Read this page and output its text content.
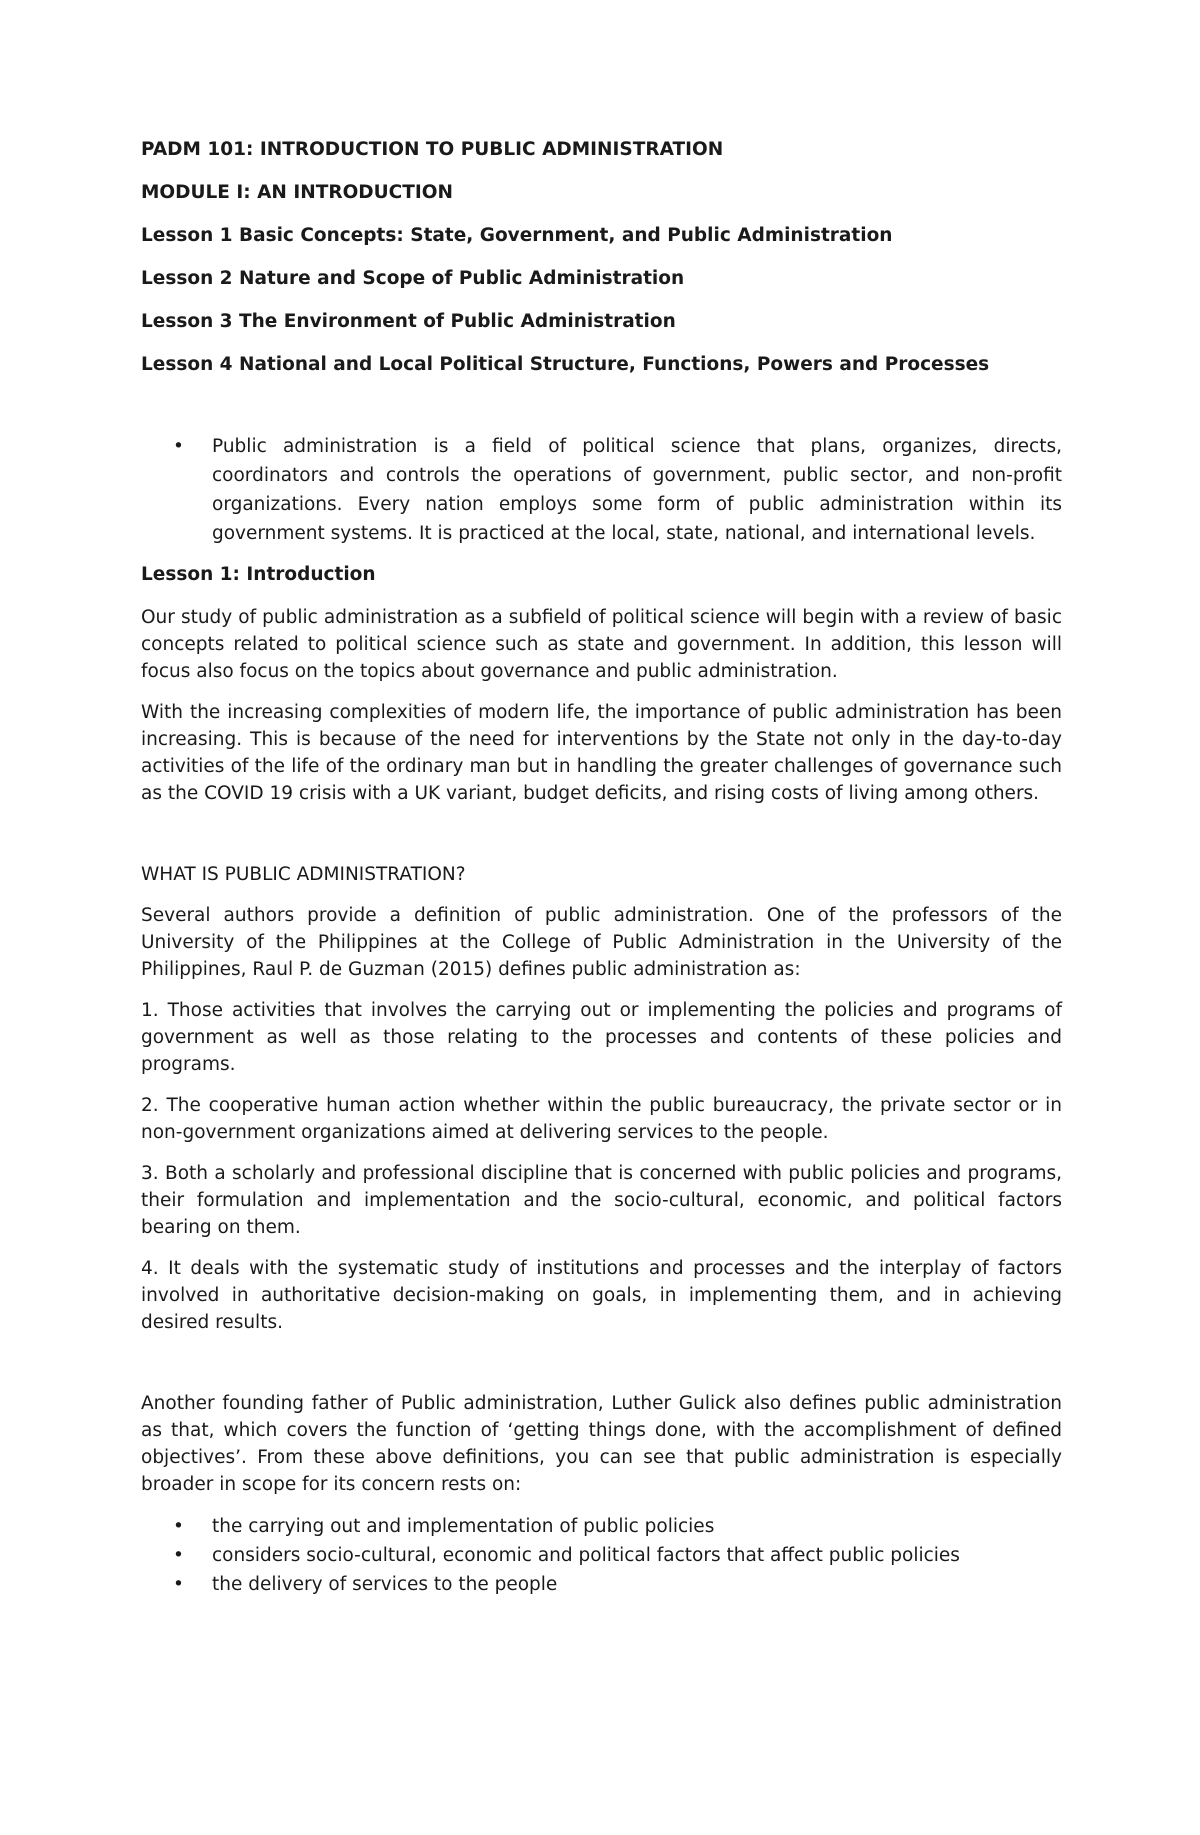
PADM 101: INTRODUCTION TO PUBLIC ADMINISTRATION
MODULE I: AN INTRODUCTION
Lesson 1 Basic Concepts: State, Government, and Public Administration
Lesson 2 Nature and Scope of Public Administration
Lesson 3 The Environment of Public Administration
Lesson 4 National and Local Political Structure, Functions, Powers and Processes
• Public administration is a field of political science that plans, organizes, directs, coordinators and controls the operations of government, public sector, and non-profit organizations. Every nation employs some form of public administration within its government systems. It is practiced at the local, state, national, and international levels.
Lesson 1: Introduction

Our study of public administration as a subfield of political science will begin with a review of basic concepts related to political science such as state and government. In addition, this lesson will focus also focus on the topics about governance and public administration.

With the increasing complexities of modern life, the importance of public administration has been increasing. This is because of the need for interventions by the State not only in the day-to-day activities of the life of the ordinary man but in handling the greater challenges of governance such as the COVID 19 crisis with a UK variant, budget deficits, and rising costs of living among others.

WHAT IS PUBLIC ADMINISTRATION?

Several authors provide a definition of public administration. One of the professors of the University of the Philippines at the College of Public Administration in the University of the Philippines, Raul P. de Guzman (2015) defines public administration as:

1. Those activities that involves the carrying out or implementing the policies and programs of government as well as those relating to the processes and contents of these policies and programs.

2. The cooperative human action whether within the public bureaucracy, the private sector or in non-government organizations aimed at delivering services to the people.

3. Both a scholarly and professional discipline that is concerned with public policies and programs, their formulation and implementation and the socio-cultural, economic, and political factors bearing on them.

4. It deals with the systematic study of institutions and processes and the interplay of factors involved in authoritative decision-making on goals, in implementing them, and in achieving desired results.

Another founding father of Public administration, Luther Gulick also defines public administration as that, which covers the function of ‘getting things done, with the accomplishment of defined objectives’. From these above definitions, you can see that public administration is especially broader in scope for its concern rests on:

• the carrying out and implementation of public policies
• considers socio-cultural, economic and political factors that affect public policies
• the delivery of services to the people
